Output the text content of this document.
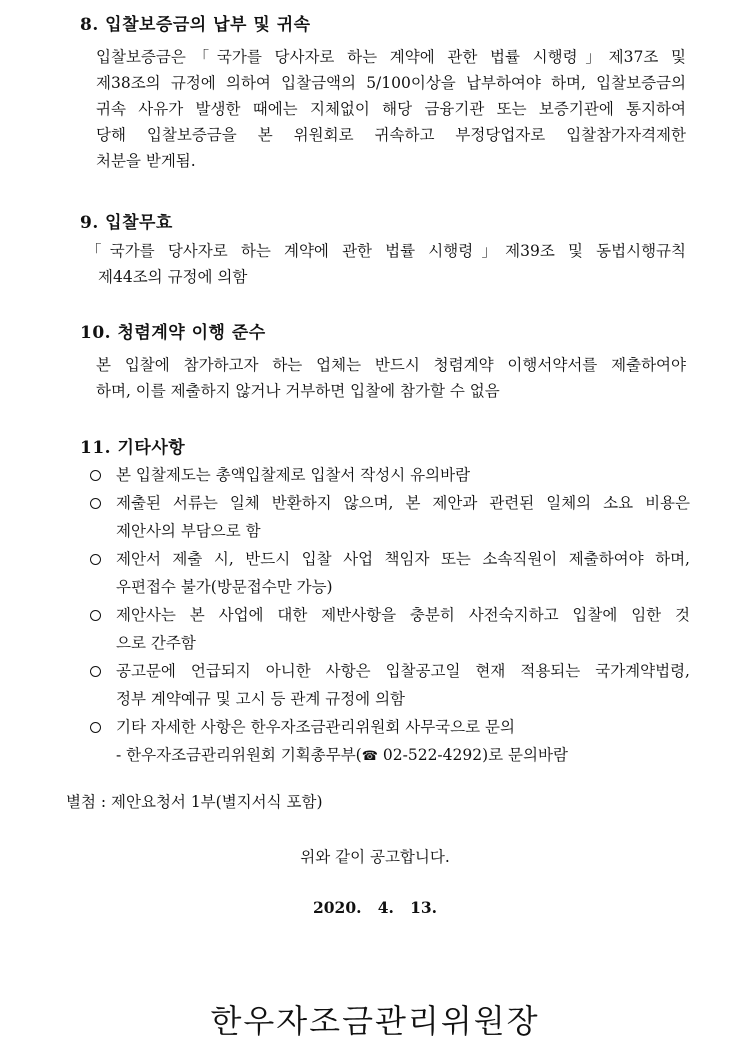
8. 입찰보증금의 납부 및 귀속
입찰보증금은「국가를 당사자로 하는 계약에 관한 법률 시행령」제37조 및
제38조의 규정에 의하여 입찰금액의 5/100이상을 납부하여야 하며, 입찰보증금의
귀속 사유가 발생한 때에는 지체없이 해당 금융기관 또는 보증기관에 통지하여
당해 입찰보증금을 본 위원회로 귀속하고 부정당업자로 입찰참가자격제한
처분을 받게됨.
9. 입찰무효
「국가를 당사자로 하는 계약에 관한 법률 시행령」제39조 및 동법시행규칙
제44조의 규정에 의함
10. 청렴계약 이행 준수
본 입찰에 참가하고자 하는 업체는 반드시 청렴계약 이행서약서를 제출하여야
하며, 이를 제출하지 않거나 거부하면 입찰에 참가할 수 없음
11. 기타사항
본 입찰제도는 총액입찰제로 입찰서 작성시 유의바람
제출된 서류는 일체 반환하지 않으며, 본 제안과 관련된 일체의 소요 비용은
제안사의 부담으로 함
제안서 제출 시, 반드시 입찰 사업 책임자 또는 소속직원이 제출하여야 하며,
우편접수 불가(방문접수만 가능)
제안사는 본 사업에 대한 제반사항을 충분히 사전숙지하고 입찰에 임한 것
으로 간주함
공고문에 언급되지 아니한 사항은 입찰공고일 현재 적용되는 국가계약법령,
정부 계약예규 및 고시 등 관계 규정에 의함
기타 자세한 사항은 한우자조금관리위원회 사무국으로 문의
- 한우자조금관리위원회 기획총무부(☎ 02-522-4292)로 문의바람
별첨 : 제안요청서 1부(별지서식 포함)
위와 같이 공고합니다.
2020.   4.   13.
한우자조금관리위원장
